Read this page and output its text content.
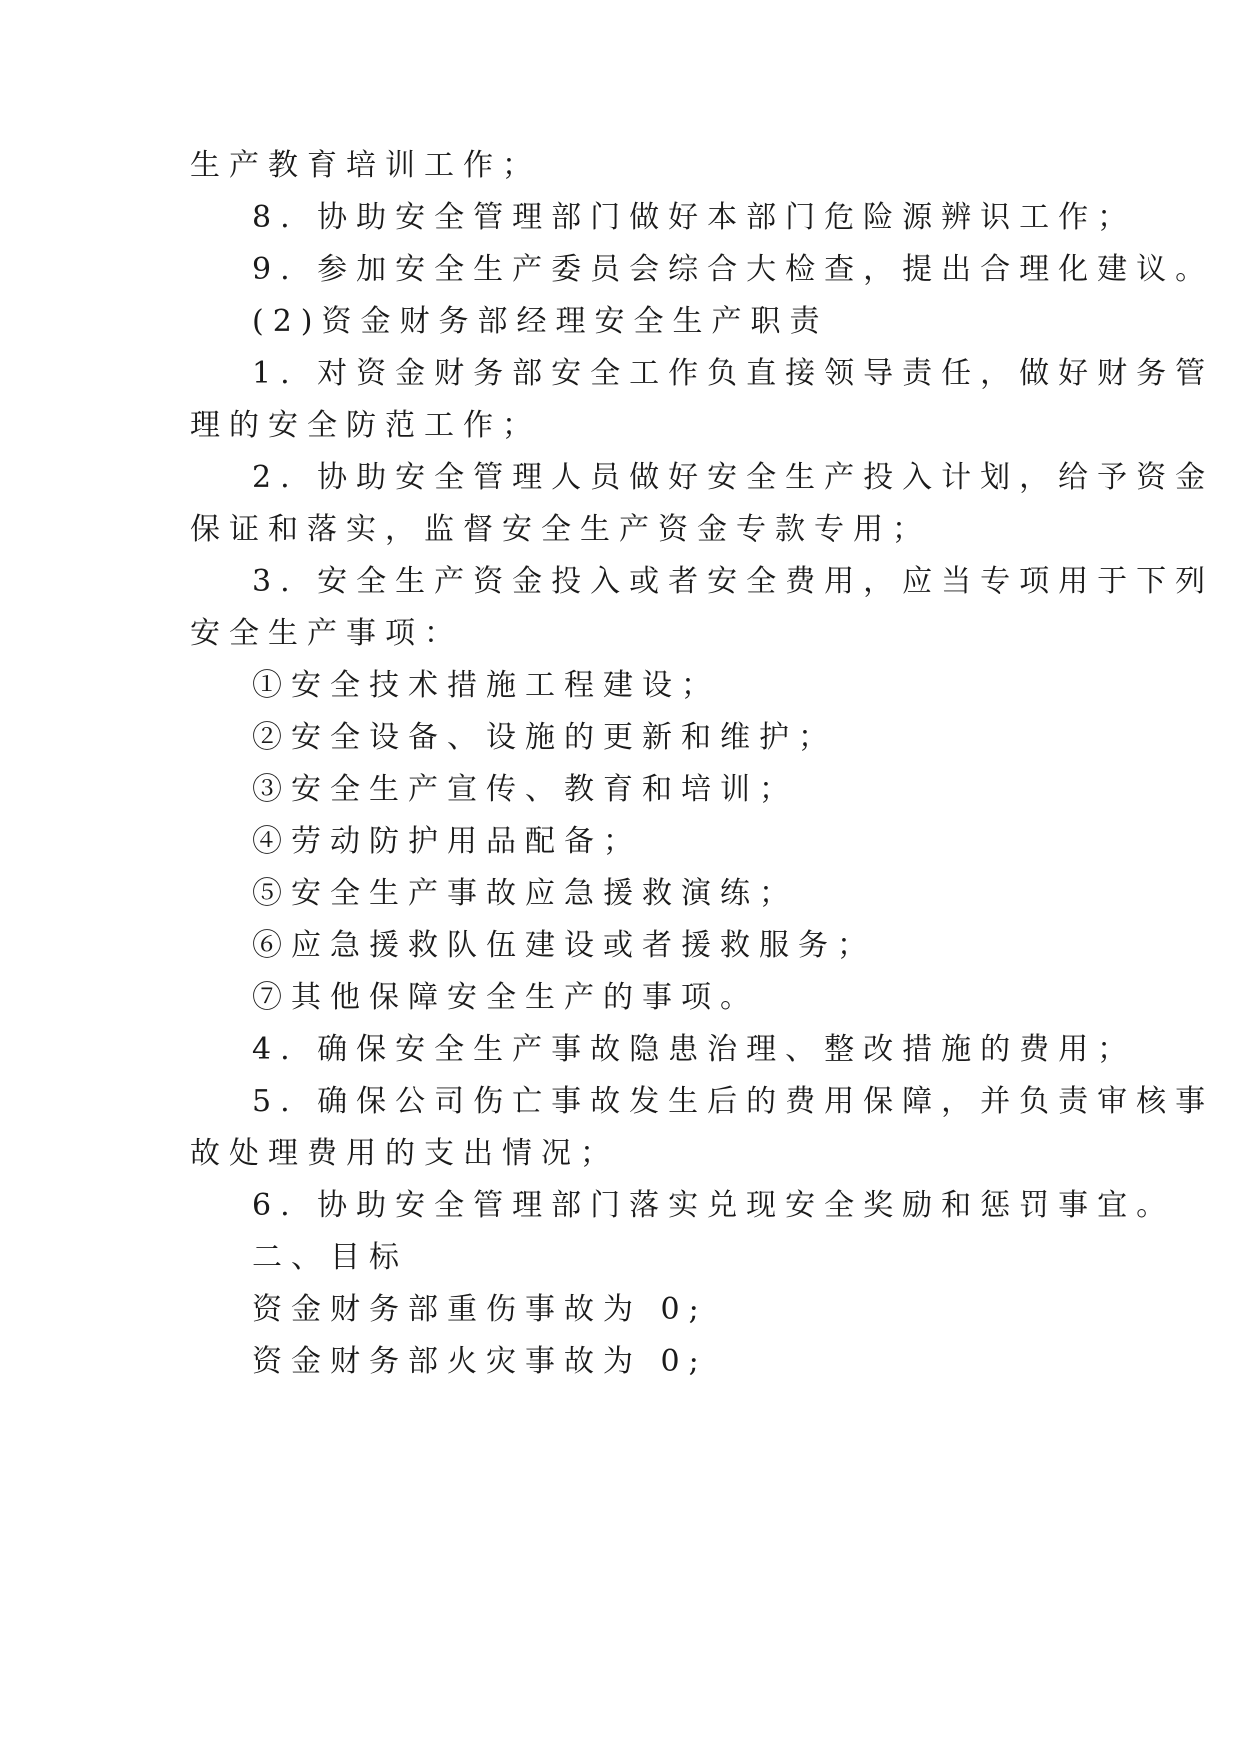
生产教育培训工作；
8. 协助安全管理部门做好本部门危险源辨识工作；
9. 参加安全生产委员会综合大检查，提出合理化建议。
(2)资金财务部经理安全生产职责
1. 对资金财务部安全工作负直接领导责任，做好财务管
理的安全防范工作；
2. 协助安全管理人员做好安全生产投入计划，给予资金
保证和落实，监督安全生产资金专款专用；
3. 安全生产资金投入或者安全费用，应当专项用于下列
安全生产事项：
①安全技术措施工程建设；
②安全设备、设施的更新和维护；
③安全生产宣传、教育和培训；
④劳动防护用品配备；
⑤安全生产事故应急援救演练；
⑥应急援救队伍建设或者援救服务；
⑦其他保障安全生产的事项。
4. 确保安全生产事故隐患治理、整改措施的费用；
5. 确保公司伤亡事故发生后的费用保障，并负责审核事
故处理费用的支出情况；
6. 协助安全管理部门落实兑现安全奖励和惩罚事宜。
二、目标
资金财务部重伤事故为 0;
资金财务部火灾事故为 0;
